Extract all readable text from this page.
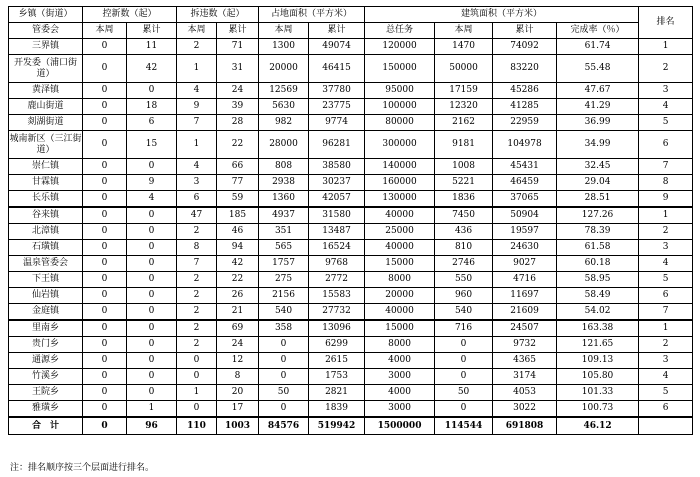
乡镇（街道）	控新数（起）		拆违数（起）		占地面积（平方米）		建筑面积（平方米）				排名
管委会	本周	累计	本周	累计	本周	累计	总任务	本周	累计	完成率（％）	
三界镇	0	11	2	71	1300	49074	120000	1470	74092	61.74	1
开发委（浦口街道）	0	42	1	31	20000	46415	150000	50000	83220	55.48	2
黄泽镇	0	0	4	24	12569	37780	95000	17159	45286	47.67	3
鹿山街道	0	18	9	39	5630	23775	100000	12320	41285	41.29	4
剡湖街道	0	6	7	28	982	9774	80000	2162	22959	36.99	5
城南新区（三江街道）	0	15	1	22	28000	96281	300000	9181	104978	34.99	6
崇仁镇	0	0	4	66	808	38580	140000	1008	45431	32.45	7
甘霖镇	0	9	3	77	2938	30237	160000	5221	46459	29.04	8
长乐镇	0	4	6	59	1360	42057	130000	1836	37065	28.51	9
谷来镇	0	0	47	185	4937	31580	40000	7450	50904	127.26	1
北漳镇	0	0	2	46	351	13487	25000	436	19597	78.39	2
石璜镇	0	0	8	94	565	16524	40000	810	24630	61.58	3
温泉管委会	0	0	7	42	1757	9768	15000	2746	9027	60.18	4
下王镇	0	0	2	22	275	2772	8000	550	4716	58.95	5
仙岩镇	0	0	2	26	2156	15583	20000	960	11697	58.49	6
金庭镇	0	0	2	21	540	27732	40000	540	21609	54.02	7
里南乡	0	0	2	69	358	13096	15000	716	24507	163.38	1
贵门乡	0	0	2	24	0	6299	8000	0	9732	121.65	2
通源乡	0	0	0	12	0	2615	4000	0	4365	109.13	3
竹溪乡	0	0	0	8	0	1753	3000	0	3174	105.80	4
王院乡	0	0	1	20	50	2821	4000	50	4053	101.33	5
雅璜乡	0	1	0	17	0	1839	3000	0	3022	100.73	6
合　计	0	96	110	1003	84576	519942	1500000	114544	691808	46.12	
注：排名顺序按三个层面进行排名。
